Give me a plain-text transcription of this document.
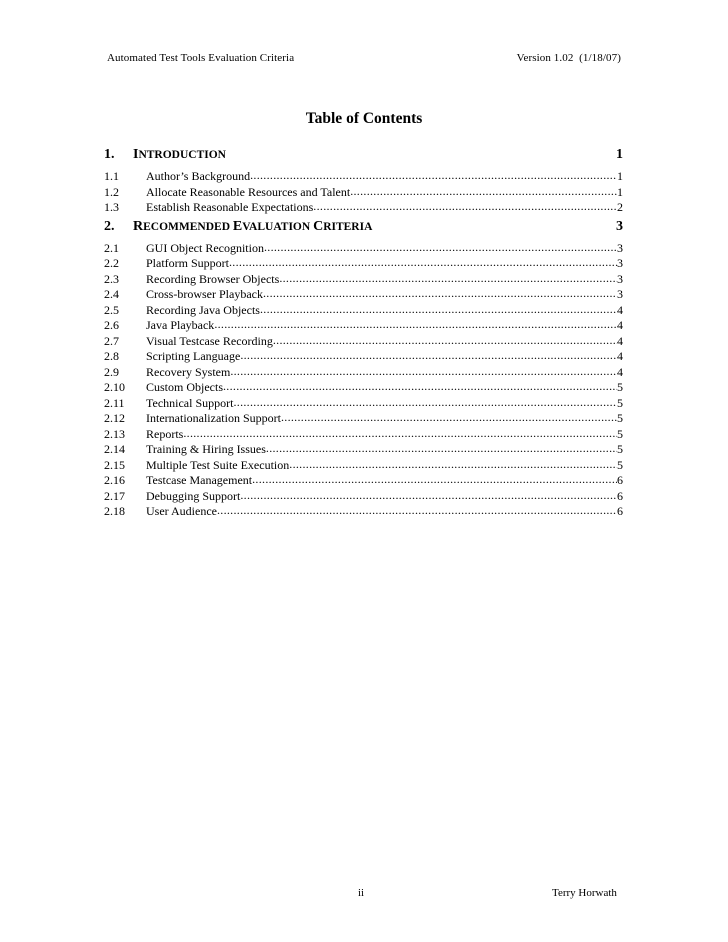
Automated Test Tools Evaluation Criteria	Version 1.02  (1/18/07)
Table of Contents
1.	INTRODUCTION	1
1.1	Author’s Background .....	1
1.2	Allocate Reasonable Resources and Talent .....	1
1.3	Establish Reasonable Expectations .....	2
2.	RECOMMENDED EVALUATION CRITERIA	3
2.1	GUI Object Recognition .....	3
2.2	Platform Support .....	3
2.3	Recording Browser Objects .....	3
2.4	Cross-browser Playback .....	3
2.5	Recording Java Objects .....	4
2.6	Java Playback .....	4
2.7	Visual Testcase Recording .....	4
2.8	Scripting Language .....	4
2.9	Recovery System .....	4
2.10	Custom Objects .....	5
2.11	Technical Support .....	5
2.12	Internationalization Support .....	5
2.13	Reports .....	5
2.14	Training & Hiring Issues .....	5
2.15	Multiple Test Suite Execution .....	5
2.16	Testcase Management .....	6
2.17	Debugging Support .....	6
2.18	User Audience .....	6
ii	Terry Horwath
